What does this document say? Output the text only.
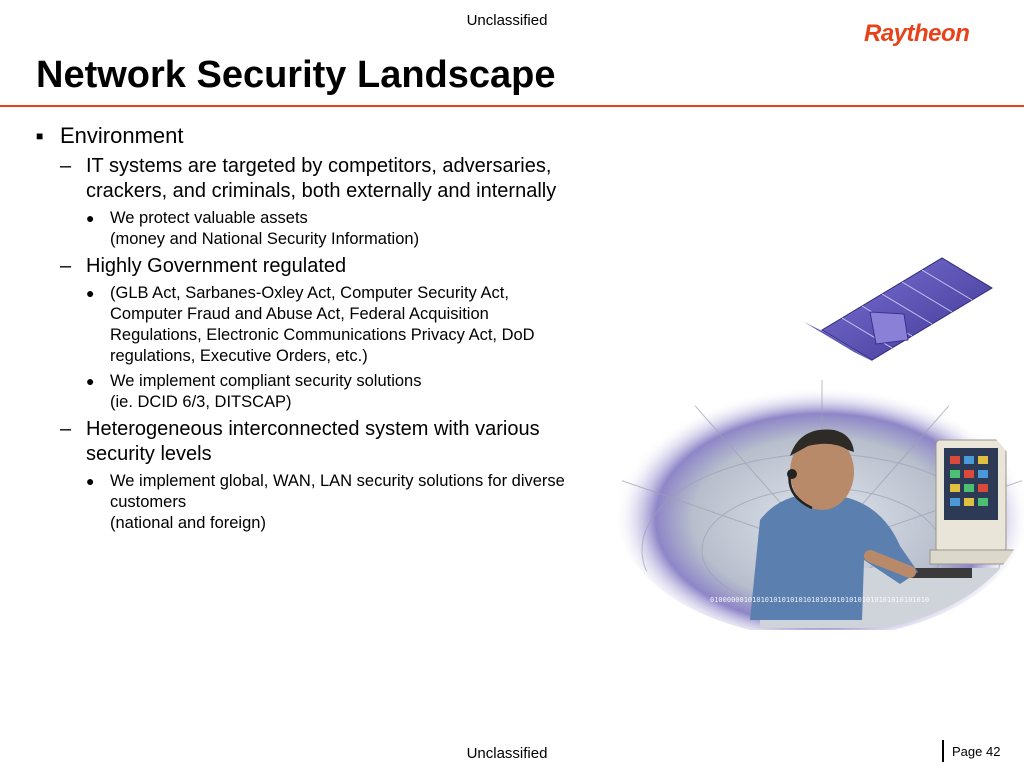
Unclassified	Raytheon
Network Security Landscape
■ Environment
– IT systems are targeted by competitors, adversaries,
crackers, and criminals, both externally and internally
● We protect valuable assets
(money and National Security Information)
– Highly Government regulated
● (GLB Act, Sarbanes-Oxley Act, Computer Security Act,
Computer Fraud and Abuse Act, Federal Acquisition
Regulations, Electronic Communications Privacy Act, DoD
regulations, Executive Orders, etc.)
● We implement compliant security solutions
(ie. DCID 6/3, DITSCAP)
– Heterogeneous interconnected system with various
security levels
● We implement global, WAN, LAN security solutions for diverse
customers
(national and foreign)
0100000010101010101010101010101010101010101010101010
Unclassified	Page 42
